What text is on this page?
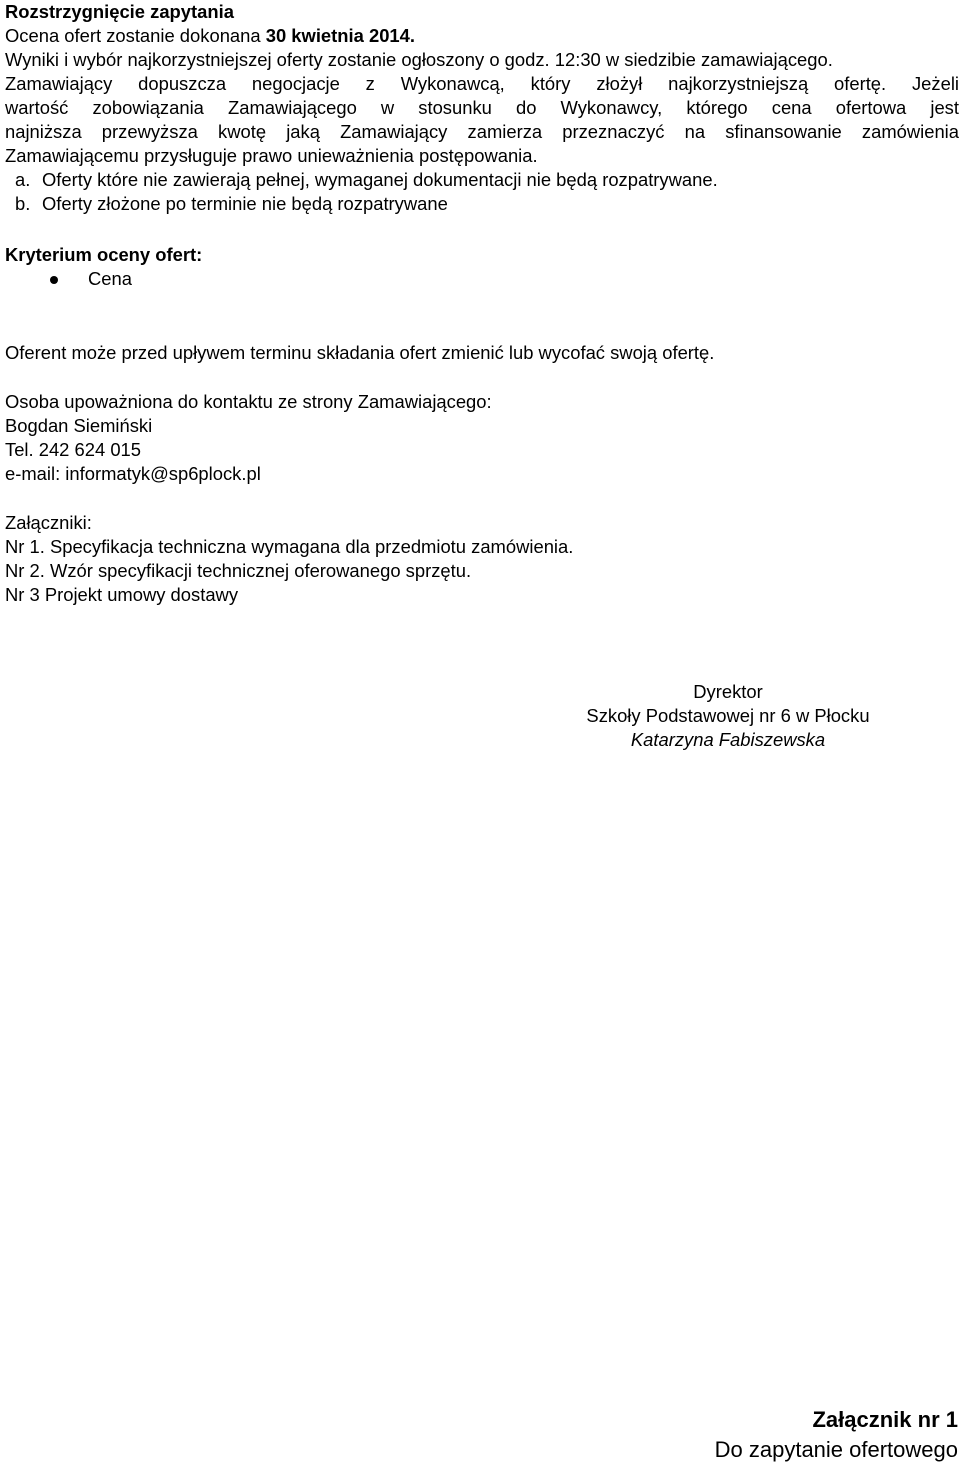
Rozstrzygnięcie zapytania
Ocena ofert zostanie dokonana 30 kwietnia 2014.
Wyniki i wybór najkorzystniejszej oferty zostanie ogłoszony o godz. 12:30 w siedzibie zamawiającego.
Zamawiający dopuszcza negocjacje z Wykonawcą, który złożył najkorzystniejszą ofertę. Jeżeli
wartość zobowiązania Zamawiającego w stosunku do Wykonawcy, którego cena ofertowa jest
najniższa przewyższa kwotę jaką Zamawiający zamierza przeznaczyć na sfinansowanie zamówienia
Zamawiającemu przysługuje prawo unieważnienia postępowania.
a. Oferty które nie zawierają pełnej, wymaganej dokumentacji nie będą rozpatrywane.
b. Oferty złożone po terminie nie będą rozpatrywane
Kryterium oceny ofert:
Cena
Oferent może przed upływem terminu składania ofert zmienić lub wycofać swoją ofertę.
Osoba upoważniona do kontaktu ze strony Zamawiającego:
Bogdan Siemiński
Tel. 242 624 015
e-mail: informatyk@sp6plock.pl
Załączniki:
Nr 1. Specyfikacja techniczna wymagana dla przedmiotu zamówienia.
Nr 2. Wzór specyfikacji technicznej oferowanego sprzętu.
Nr 3 Projekt umowy dostawy
Dyrektor
Szkoły Podstawowej nr 6 w Płocku
Katarzyna Fabiszewska
Załącznik nr 1
Do zapytanie ofertowego
